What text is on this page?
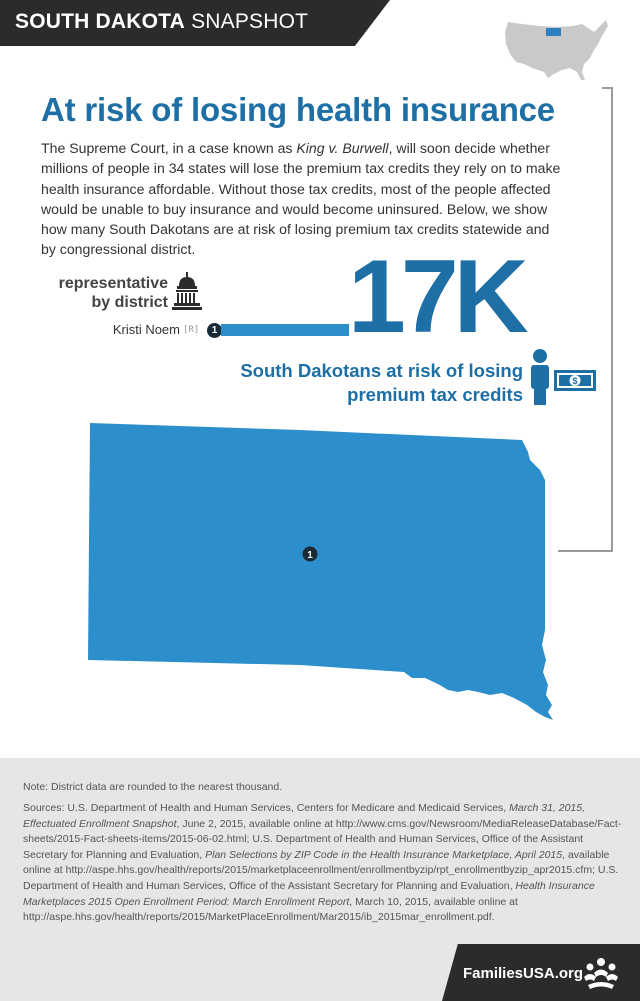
SOUTH DAKOTA SNAPSHOT
At risk of losing health insurance

The Supreme Court, in a case known as King v. Burwell, will soon decide whether millions of people in 34 states will lose the premium tax credits they rely on to make health insurance affordable. Without those tax credits, most of the people affected would be unable to buy insurance and would become uninsured. Below, we show how many South Dakotans are at risk of losing premium tax credits statewide and by congressional district.

representative
by district
Kristi Noem [R]	1 17K
South Dakotans at risk of losing
premium tax credits
$
1

Note: District data are rounded to the nearest thousand.

Sources: U.S. Department of Health and Human Services, Centers for Medicare and Medicaid Services, March 31, 2015, Effectuated Enrollment Snapshot, June 2, 2015, available online at http://www.cms.gov/Newsroom/MediaReleaseDatabase/Fact-sheets/2015-Fact-sheets-items/2015-06-02.html; U.S. Department of Health and Human Services, Office of the Assistant Secretary for Planning and Evaluation, Plan Selections by ZIP Code in the Health Insurance Marketplace, April 2015, available online at http://aspe.hhs.gov/health/reports/2015/marketplaceenrollment/enrollmentbyzip/rpt_enrollmentbyzip_apr2015.cfm; U.S. Department of Health and Human Services, Office of the Assistant Secretary for Planning and Evaluation, Health Insurance Marketplaces 2015 Open Enrollment Period: March Enrollment Report, March 10, 2015, available online at http://aspe.hhs.gov/health/reports/2015/MarketPlaceEnrollment/Mar2015/ib_2015mar_enrollment.pdf.

FamiliesUSA.org
